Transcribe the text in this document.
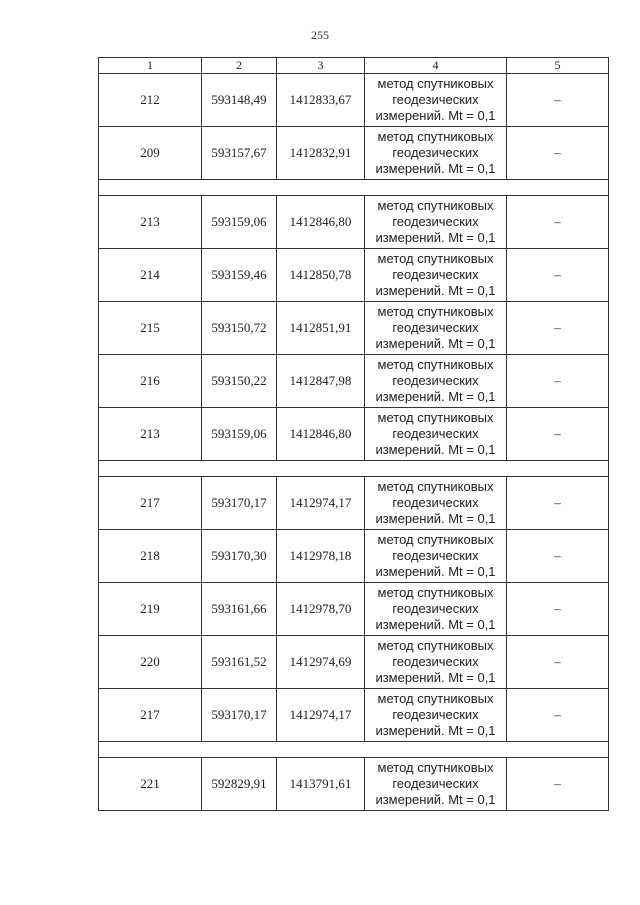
255
1	2	3	4	5
212	593148,49	1412833,67	метод спутниковых
геодезических
измерений. Mt = 0,1	–
209	593157,67	1412832,91	метод спутниковых
геодезических
измерений. Mt = 0,1	–

213	593159,06	1412846,80	метод спутниковых
геодезических
измерений. Mt = 0,1	–
214	593159,46	1412850,78	метод спутниковых
геодезических
измерений. Mt = 0,1	–
215	593150,72	1412851,91	метод спутниковых
геодезических
измерений. Mt = 0,1	–
216	593150,22	1412847,98	метод спутниковых
геодезических
измерений. Mt = 0,1	–
213	593159,06	1412846,80	метод спутниковых
геодезических
измерений. Mt = 0,1	–

217	593170,17	1412974,17	метод спутниковых
геодезических
измерений. Mt = 0,1	–
218	593170,30	1412978,18	метод спутниковых
геодезических
измерений. Mt = 0,1	–
219	593161,66	1412978,70	метод спутниковых
геодезических
измерений. Mt = 0,1	–
220	593161,52	1412974,69	метод спутниковых
геодезических
измерений. Mt = 0,1	–
217	593170,17	1412974,17	метод спутниковых
геодезических
измерений. Mt = 0,1	–

221	592829,91	1413791,61	метод спутниковых
геодезических
измерений. Mt = 0,1	–
